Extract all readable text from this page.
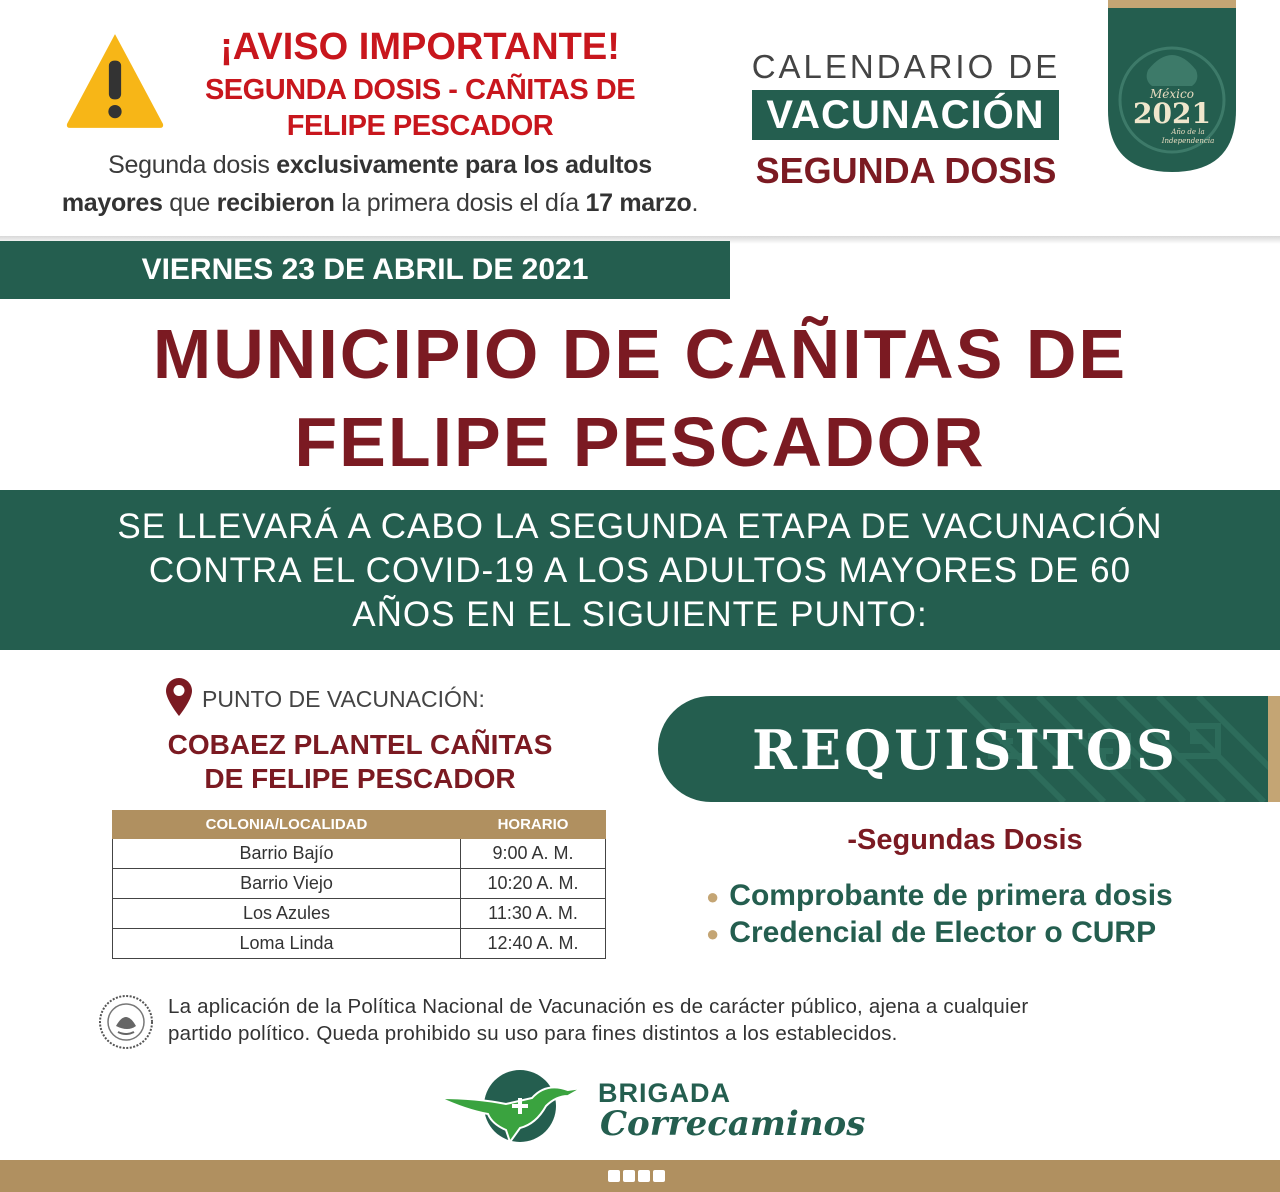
¡AVISO IMPORTANTE!
SEGUNDA DOSIS - CAÑITAS DE
FELIPE PESCADOR
Segunda dosis exclusivamente para los adultos
mayores que recibieron la primera dosis el día 17 marzo.
CALENDARIO DE
VACUNACIÓN
SEGUNDA DOSIS
México
2021
Año de la
Independencia
VIERNES 23 DE ABRIL DE 2021
MUNICIPIO DE CAÑITAS DE
FELIPE PESCADOR
SE LLEVARÁ A CABO LA SEGUNDA ETAPA DE VACUNACIÓN
CONTRA EL COVID-19 A LOS ADULTOS MAYORES DE 60
AÑOS EN EL SIGUIENTE PUNTO:
PUNTO DE VACUNACIÓN:
COBAEZ PLANTEL CAÑITAS
DE FELIPE PESCADOR
COLONIA/LOCALIDAD	HORARIO
Barrio Bajío	9:00 A. M.
Barrio Viejo	10:20 A. M.
Los Azules	11:30 A. M.
Loma Linda	12:40 A. M.
REQUISITOS
-Segundas Dosis
● Comprobante de primera dosis
● Credencial de Elector o CURP
La aplicación de la Política Nacional de Vacunación es de carácter público, ajena a cualquier
partido político. Queda prohibido su uso para fines distintos a los establecidos.
BRIGADA
Correcaminos
